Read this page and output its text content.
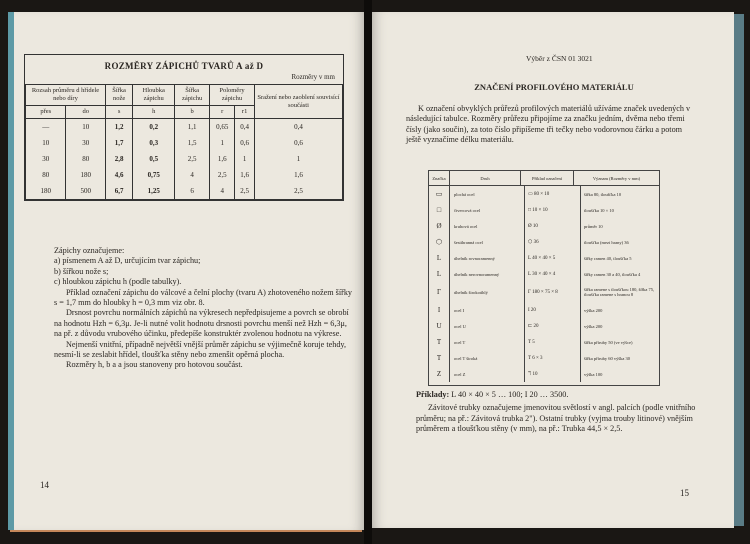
ROZMĚRY ZÁPICHŮ TVARŮ A až D
Rozměry v mm
Rozsah průměru d hřídele nebo díry		Šířka nože	Hloubka zápichu	Šířka zápichu	Poloměry zápichu		Sražení nebo zaoblení souvisící součásti
přes	do	s	h	b	r	r1	
—	10	1,2	0,2	1,1	0,65	0,4	0,4
10	30	1,7	0,3	1,5	1	0,6	0,6
30	80	2,8	0,5	2,5	1,6	1	1
80	180	4,6	0,75	4	2,5	1,6	1,6
180	500	6,7	1,25	6	4	2,5	2,5

Zápichy označujeme:

a) písmenem A až D, určujícím tvar zápichu;

b) šířkou nože s;

c) hloubkou zápichu h (podle tabulky).

Příklad označení zápichu do válcové a čelní plochy (tvaru A) zhotoveného nožem šířky s = 1,7 mm do hloubky h = 0,3 mm viz obr. 8.

Drsnost povrchu normálních zápichů na výkresech nepředpisujeme a povrch se obrobí na hodnotu Hzh = 6,3μ. Je-li nutné volit hodnotu drsnosti povrchu menší než Hzh = 6,3μ, na př. z důvodu vrubového účinku, předepíše konstruktér zvolenou hodnotu na výkrese.

Nejmenší vnitřní, případně největší vnější průměr zápichu se výjimečně koruje tehdy, nesmí-li se zeslabit hřídel, tloušťka stěny nebo zmenšit opěrná plocha.

Rozměry h, b a a jsou stanoveny pro hotovou součást.

14
Výběr z ČSN 01 3021
ZNAČENÍ PROFILOVÉHO MATERIÁLU

K označení obvyklých průřezů profilových materiálů užíváme značek uvedených v následující tabulce. Rozměry průřezu připojíme za značku jedním, dvěma nebo třemi čísly (jako součin), za toto číslo připíšeme tři tečky nebo vodorovnou čárku a potom ještě vyznačíme délku materiálu.

Značka	Druh	Příklad označení	Význam (Rozměry v mm)
▭	plochá ocel	▭ 80 × 10	šířka 80, tloušťka 10
□	čtvercová ocel	□ 10 × 10	tloušťka 10 × 10
Ø	kruhová ocel	Ø 10	průměr 10
⬡	šestihranná ocel	⬡ 36	tloušťka (mezi hrany) 36
L	úhelník rovnoramenný	L 40 × 40 × 5	šířky ramen 40, tloušťka 5
L	úhelník nerovnoramenný	L 30 × 40 × 4	šířky ramen 30 a 40, tloušťka 4
Γ	úhelník širokoúhlý	Γ 180 × 75 × 8	šířka ramene s tloušťkou 180, šířka 75, tloušťka ramene s hranou 8
I	ocel I	I 20	výška 200
U	ocel U	⊏ 20	výška 200
T	ocel T	T 5	šířka příruby 50 (ve výšce)
T	ocel T široká	T 6 × 3	šířka příruby 60 výška 30
Z	ocel Z	ℸ 10	výška 100

Příklady: L 40 × 40 × 5 … 100; I 20 … 3500.

Závitové trubky označujeme jmenovitou světlostí v angl. palcích (podle vnitřního průměru; na př.: Závitová trubka 2"). Ostatní trubky (vyjma trouby litinové) vnějším průměrem a tloušťkou stěny (v mm), na př.: Trubka 44,5 × 2,5.

15
